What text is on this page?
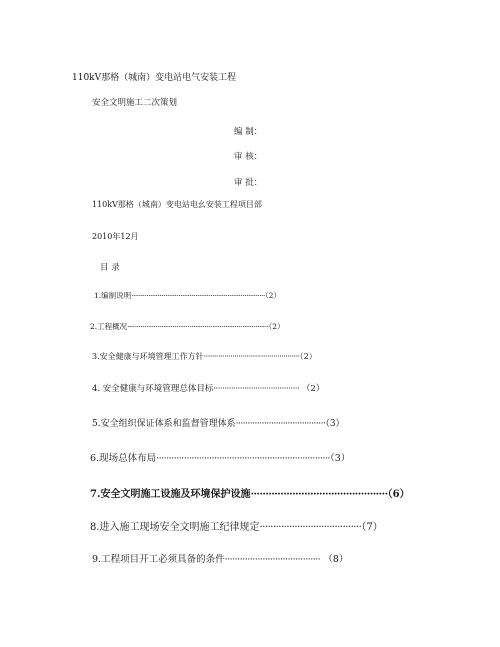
110kV那格（城南）变电站电气安装工程
安全文明施工二次策划
编 制：
审 核：
审 批：
110kV那格（城南）变电站电幺安装工程项目部
2010年12月
目 录
1.编制说明·······································································（2）
2.工程概况···········································································（2）
3.安全健康与环境管理工作方针···············································（2）
4. 安全健康与环境管理总体目标······································· （2）
5.安全组织保证体系和监督管理体系······································（3）
6.现场总体布局·····································································（3）
7.安全文明施工设施及环境保护设施··············································（6）
8.进入施工现场安全文明施工纪律规定······································（7）
9.工程项目开工必须具备的条件······································ （8）
